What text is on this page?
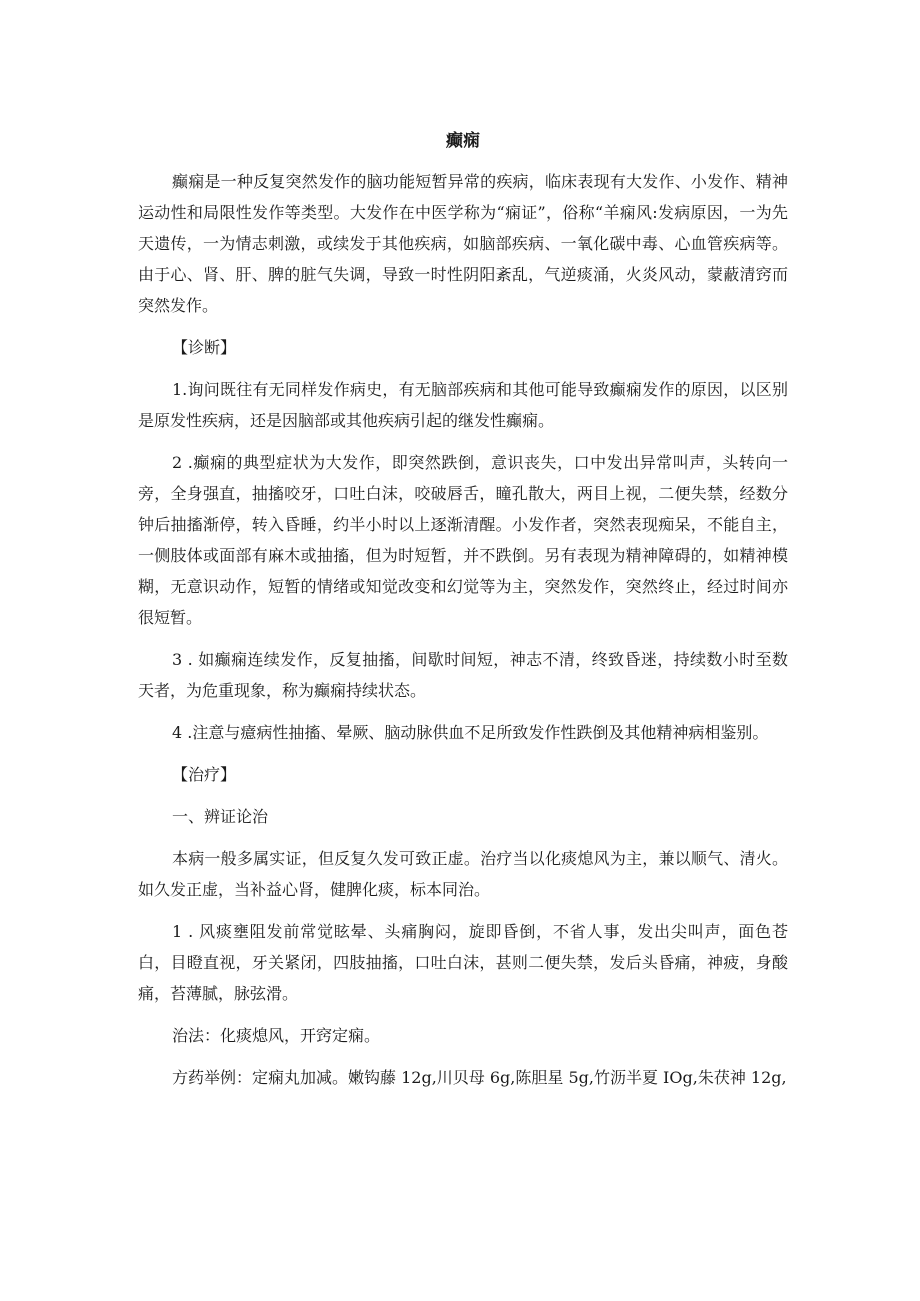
癫痫

癫痫是一种反复突然发作的脑功能短暂异常的疾病，临床表现有大发作、小发作、精神运动性和局限性发作等类型。大发作在中医学称为“痫证”，俗称“羊痫风:发病原因，一为先天遗传，一为情志刺激，或续发于其他疾病，如脑部疾病、一氧化碳中毒、心血管疾病等。由于心、肾、肝、脾的脏气失调，导致一时性阴阳紊乱，气逆痰涌，火炎风动，蒙蔽清窍而突然发作。

【诊断】

1.询问既往有无同样发作病史，有无脑部疾病和其他可能导致癫痫发作的原因，以区别是原发性疾病，还是因脑部或其他疾病引起的继发性癫痫。

2 .癫痫的典型症状为大发作，即突然跌倒，意识丧失，口中发出异常叫声，头转向一旁，全身强直，抽搐咬牙，口吐白沫，咬破唇舌，瞳孔散大，两目上视，二便失禁，经数分钟后抽搐渐停，转入昏睡，约半小时以上逐渐清醒。小发作者，突然表现痴呆，不能自主，一侧肢体或面部有麻木或抽搐，但为时短暂，并不跌倒。另有表现为精神障碍的，如精神模糊，无意识动作，短暂的情绪或知觉改变和幻觉等为主，突然发作，突然终止，经过时间亦很短暂。

3 . 如癫痫连续发作，反复抽搐，间歇时间短，神志不清，终致昏迷，持续数小时至数天者，为危重现象，称为癫痫持续状态。

4 .注意与癔病性抽搐、晕厥、脑动脉供血不足所致发作性跌倒及其他精神病相鉴别。

【治疗】

一、辨证论治

本病一般多属实证，但反复久发可致正虚。治疗当以化痰熄风为主，兼以顺气、清火。如久发正虚，当补益心肾，健脾化痰，标本同治。

1 . 风痰壅阻发前常觉眩晕、头痛胸闷，旋即昏倒，不省人事，发出尖叫声，面色苍白，目瞪直视，牙关紧闭，四肢抽搐，口吐白沫，甚则二便失禁，发后头昏痛，神疲，身酸痛，苔薄腻，脉弦滑。

治法：化痰熄风，开窍定痫。

方药举例：定痫丸加减。嫩钩藤 12g,川贝母 6g,陈胆星 5g,竹沥半夏 IOg,朱茯神 12g,
